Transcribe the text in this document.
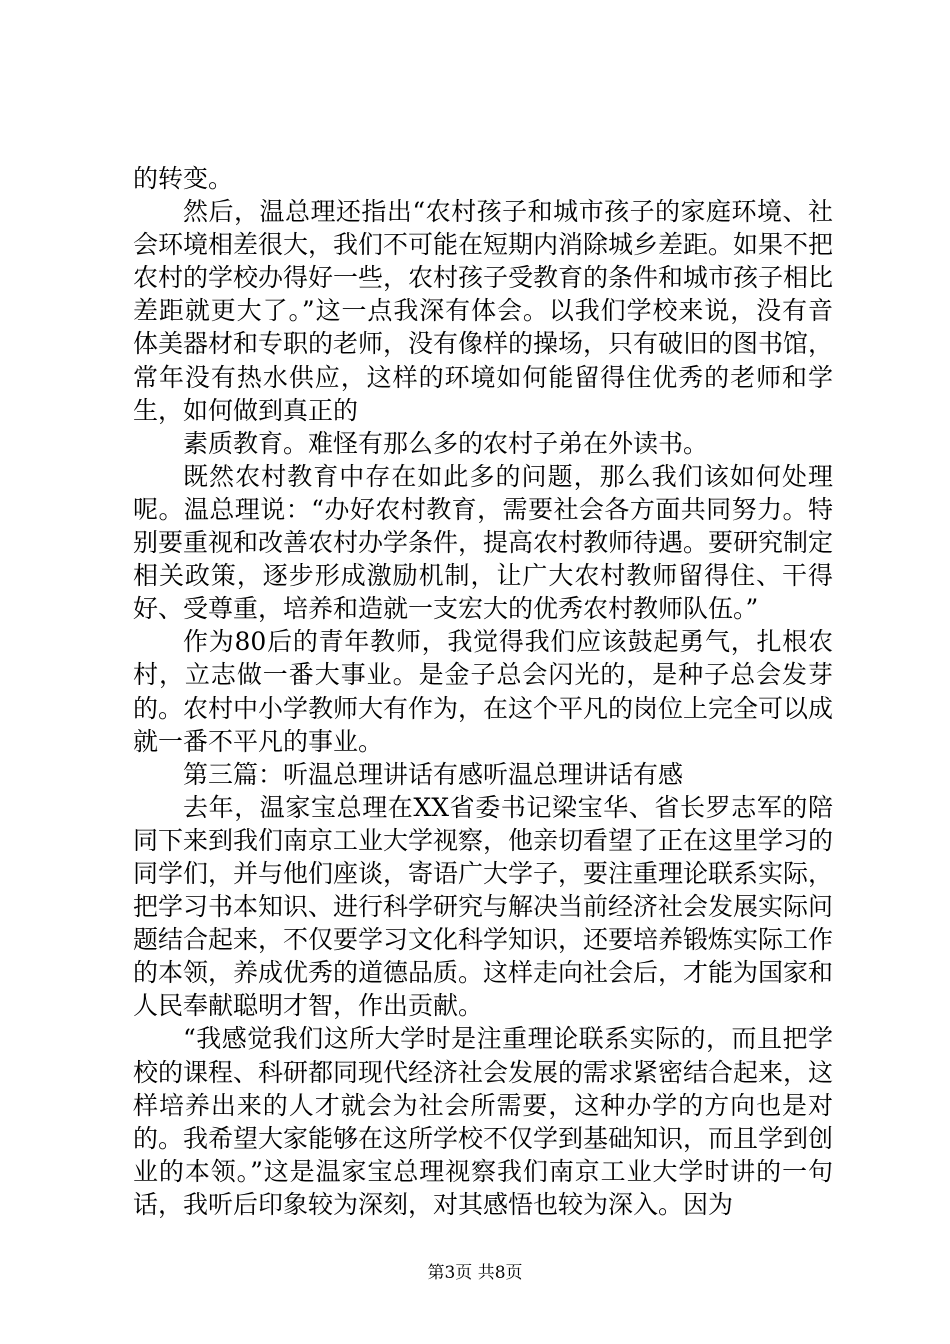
的转变。

然后，温总理还指出“农村孩子和城市孩子的家庭环境、社会环境相差很大，我们不可能在短期内消除城乡差距。如果不把农村的学校办得好一些，农村孩子受教育的条件和城市孩子相比差距就更大了。”这一点我深有体会。以我们学校来说，没有音体美器材和专职的老师，没有像样的操场，只有破旧的图书馆，常年没有热水供应，这样的环境如何能留得住优秀的老师和学生，如何做到真正的

素质教育。难怪有那么多的农村子弟在外读书。

既然农村教育中存在如此多的问题，那么我们该如何处理呢。温总理说：“办好农村教育，需要社会各方面共同努力。特别要重视和改善农村办学条件，提高农村教师待遇。要研究制定相关政策，逐步形成激励机制，让广大农村教师留得住、干得好、受尊重，培养和造就一支宏大的优秀农村教师队伍。”

作为80后的青年教师，我觉得我们应该鼓起勇气，扎根农村，立志做一番大事业。是金子总会闪光的，是种子总会发芽的。农村中小学教师大有作为，在这个平凡的岗位上完全可以成就一番不平凡的事业。

第三篇：听温总理讲话有感听温总理讲话有感

去年，温家宝总理在XX省委书记梁宝华、省长罗志军的陪同下来到我们南京工业大学视察，他亲切看望了正在这里学习的同学们，并与他们座谈，寄语广大学子，要注重理论联系实际，把学习书本知识、进行科学研究与解决当前经济社会发展实际问题结合起来，不仅要学习文化科学知识，还要培养锻炼实际工作的本领，养成优秀的道德品质。这样走向社会后，才能为国家和人民奉献聪明才智，作出贡献。

“我感觉我们这所大学时是注重理论联系实际的，而且把学校的课程、科研都同现代经济社会发展的需求紧密结合起来，这样培养出来的人才就会为社会所需要，这种办学的方向也是对的。我希望大家能够在这所学校不仅学到基础知识，而且学到创业的本领。”这是温家宝总理视察我们南京工业大学时讲的一句话，我听后印象较为深刻，对其感悟也较为深入。因为

第3页 共8页
